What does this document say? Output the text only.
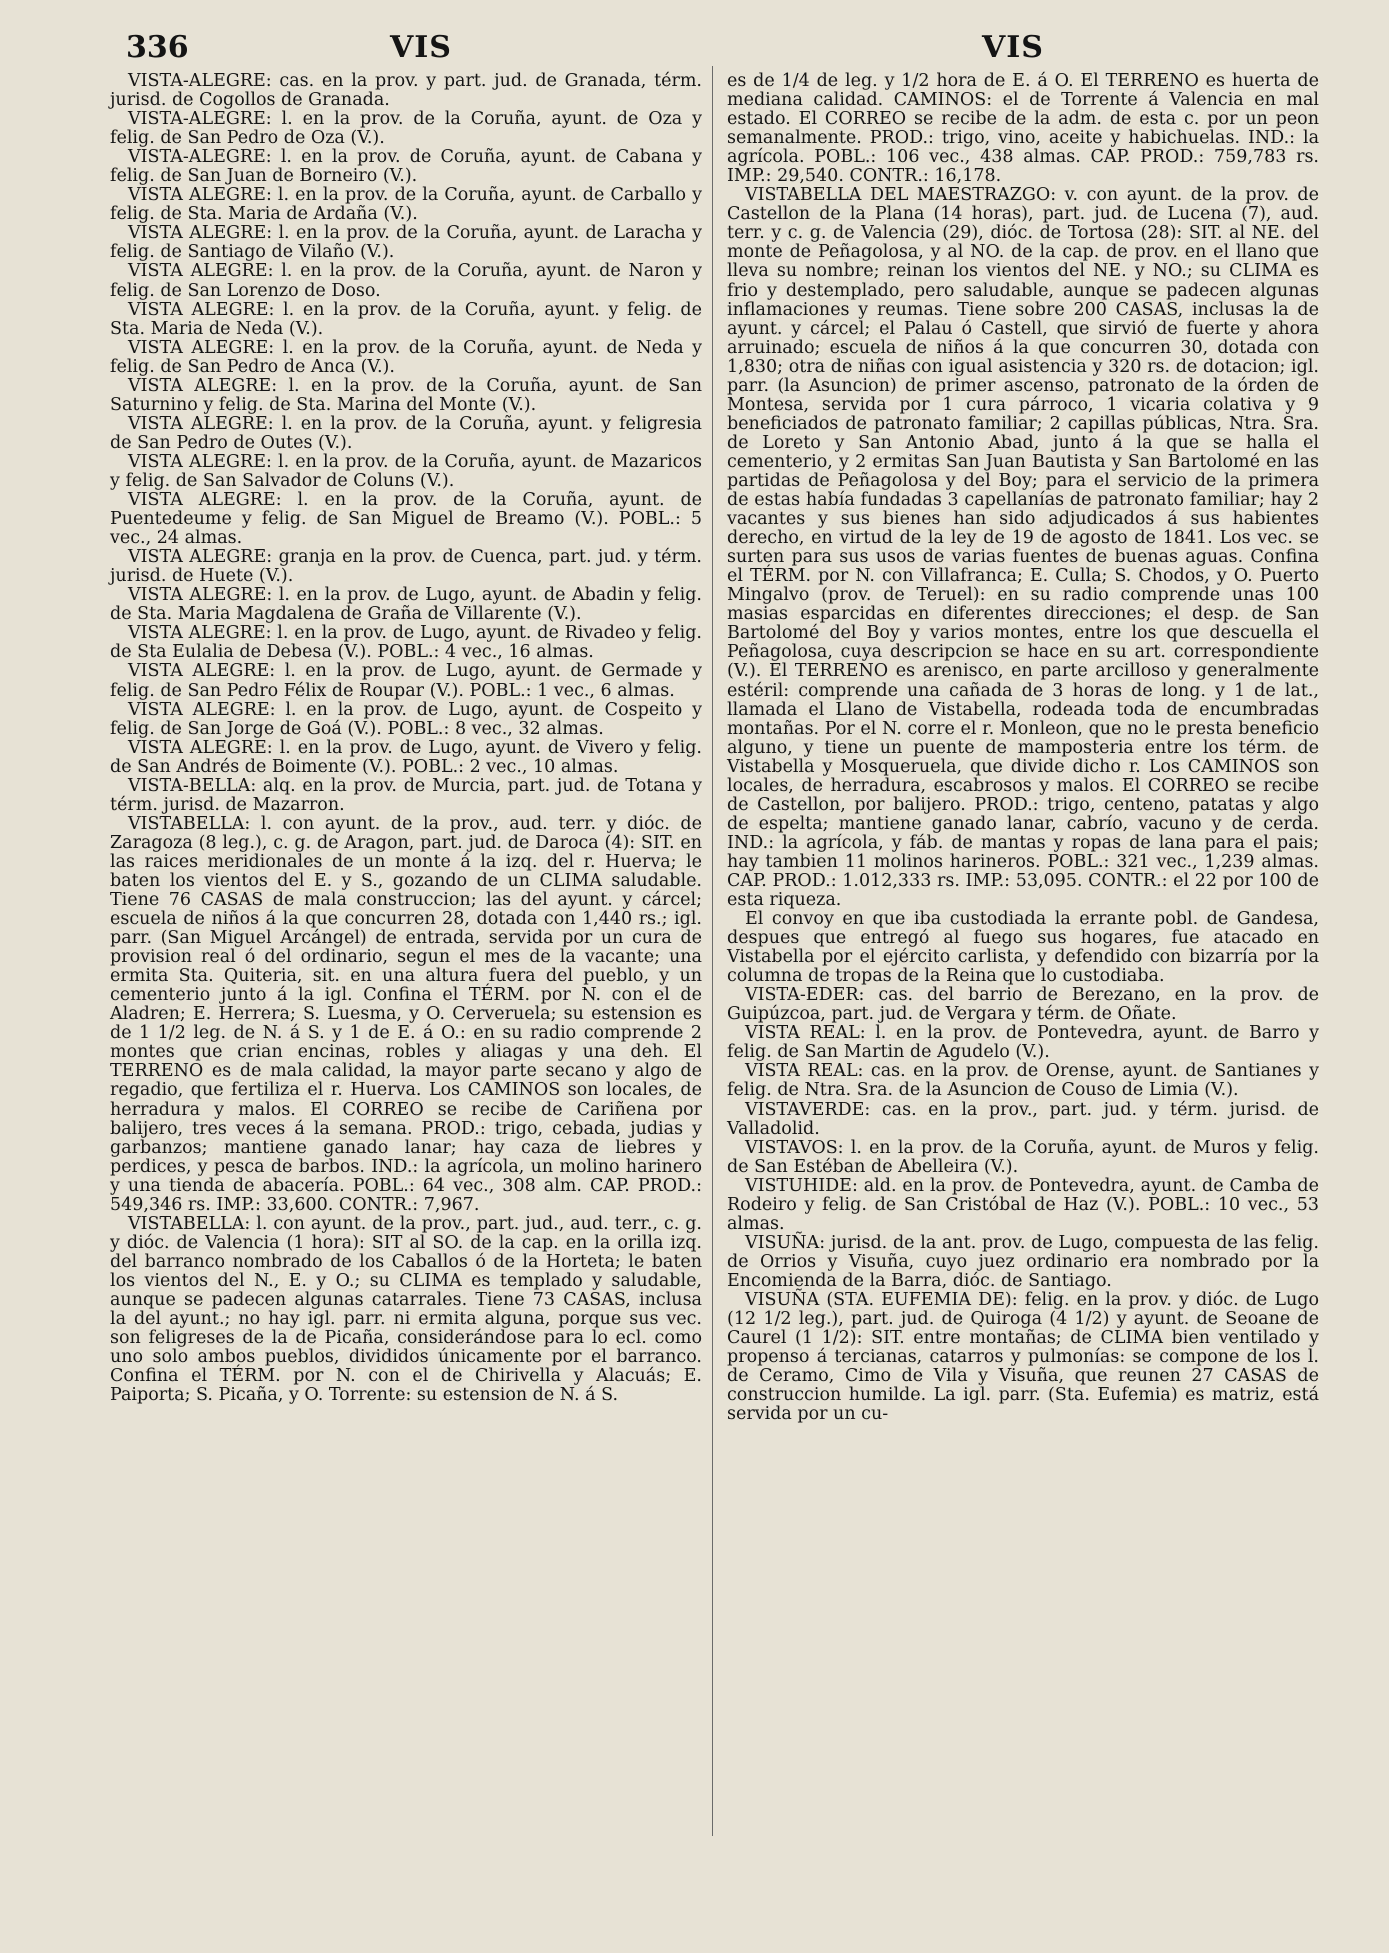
336	VIS	VIS

VISTA-ALEGRE: cas. en la prov. y part. jud. de Granada, térm. jurisd. de Cogollos de Granada.

VISTA-ALEGRE: l. en la prov. de la Coruña, ayunt. de Oza y felig. de San Pedro de Oza (V.).

VISTA-ALEGRE: l. en la prov. de Coruña, ayunt. de Cabana y felig. de San Juan de Borneiro (V.).

VISTA ALEGRE: l. en la prov. de la Coruña, ayunt. de Carballo y felig. de Sta. Maria de Ardaña (V.).

VISTA ALEGRE: l. en la prov. de la Coruña, ayunt. de Laracha y felig. de Santiago de Vilaño (V.).

VISTA ALEGRE: l. en la prov. de la Coruña, ayunt. de Naron y felig. de San Lorenzo de Doso.

VISTA ALEGRE: l. en la prov. de la Coruña, ayunt. y felig. de Sta. Maria de Neda (V.).

VISTA ALEGRE: l. en la prov. de la Coruña, ayunt. de Neda y felig. de San Pedro de Anca (V.).

VISTA ALEGRE: l. en la prov. de la Coruña, ayunt. de San Saturnino y felig. de Sta. Marina del Monte (V.).

VISTA ALEGRE: l. en la prov. de la Coruña, ayunt. y feligresia de San Pedro de Outes (V.).

VISTA ALEGRE: l. en la prov. de la Coruña, ayunt. de Mazaricos y felig. de San Salvador de Coluns (V.).

VISTA ALEGRE: l. en la prov. de la Coruña, ayunt. de Puentedeume y felig. de San Miguel de Breamo (V.). POBL.: 5 vec., 24 almas.

VISTA ALEGRE: granja en la prov. de Cuenca, part. jud. y térm. jurisd. de Huete (V.).

VISTA ALEGRE: l. en la prov. de Lugo, ayunt. de Abadin y felig. de Sta. Maria Magdalena de Graña de Villarente (V.).

VISTA ALEGRE: l. en la prov. de Lugo, ayunt. de Rivadeo y felig. de Sta Eulalia de Debesa (V.). POBL.: 4 vec., 16 almas.

VISTA ALEGRE: l. en la prov. de Lugo, ayunt. de Germade y felig. de San Pedro Félix de Roupar (V.). POBL.: 1 vec., 6 almas.

VISTA ALEGRE: l. en la prov. de Lugo, ayunt. de Cospeito y felig. de San Jorge de Goá (V.). POBL.: 8 vec., 32 almas.

VISTA ALEGRE: l. en la prov. de Lugo, ayunt. de Vivero y felig. de San Andrés de Boimente (V.). POBL.: 2 vec., 10 almas.

VISTA-BELLA: alq. en la prov. de Murcia, part. jud. de Totana y térm. jurisd. de Mazarron.

VISTABELLA: l. con ayunt. de la prov., aud. terr. y dióc. de Zaragoza (8 leg.), c. g. de Aragon, part. jud. de Daroca (4): SIT. en las raices meridionales de un monte á la izq. del r. Huerva; le baten los vientos del E. y S., gozando de un CLIMA saludable. Tiene 76 CASAS de mala construccion; las del ayunt. y cárcel; escuela de niños á la que concurren 28, dotada con 1,440 rs.; igl. parr. (San Miguel Arcángel) de entrada, servida por un cura de provision real ó del ordinario, segun el mes de la vacante; una ermita Sta. Quiteria, sit. en una altura fuera del pueblo, y un cementerio junto á la igl. Confina el TÉRM. por N. con el de Aladren; E. Herrera; S. Luesma, y O. Cerveruela; su estension es de 1 1/2 leg. de N. á S. y 1 de E. á O.: en su radio comprende 2 montes que crian encinas, robles y aliagas y una deh. El TERRENO es de mala calidad, la mayor parte secano y algo de regadio, que fertiliza el r. Huerva. Los CAMINOS son locales, de herradura y malos. El CORREO se recibe de Cariñena por balijero, tres veces á la semana. PROD.: trigo, cebada, judias y garbanzos; mantiene ganado lanar; hay caza de liebres y perdices, y pesca de barbos. IND.: la agrícola, un molino harinero y una tienda de abacería. POBL.: 64 vec., 308 alm. CAP. PROD.: 549,346 rs. IMP.: 33,600. CONTR.: 7,967.

VISTABELLA: l. con ayunt. de la prov., part. jud., aud. terr., c. g. y dióc. de Valencia (1 hora): SIT al SO. de la cap. en la orilla izq. del barranco nombrado de los Caballos ó de la Horteta; le baten los vientos del N., E. y O.; su CLIMA es templado y saludable, aunque se padecen algunas catarrales. Tiene 73 CASAS, inclusa la del ayunt.; no hay igl. parr. ni ermita alguna, porque sus vec. son feligreses de la de Picaña, considerándose para lo ecl. como uno solo ambos pueblos, divididos únicamente por el barranco. Confina el TÉRM. por N. con el de Chirivella y Alacuás; E. Paiporta; S. Picaña, y O. Torrente: su estension de N. á S.

es de 1/4 de leg. y 1/2 hora de E. á O. El TERRENO es huerta de mediana calidad. CAMINOS: el de Torrente á Valencia en mal estado. El CORREO se recibe de la adm. de esta c. por un peon semanalmente. PROD.: trigo, vino, aceite y habichuelas. IND.: la agrícola. POBL.: 106 vec., 438 almas. CAP. PROD.: 759,783 rs. IMP.: 29,540. CONTR.: 16,178.

VISTABELLA DEL MAESTRAZGO: v. con ayunt. de la prov. de Castellon de la Plana (14 horas), part. jud. de Lucena (7), aud. terr. y c. g. de Valencia (29), dióc. de Tortosa (28): SIT. al NE. del monte de Peñagolosa, y al NO. de la cap. de prov. en el llano que lleva su nombre; reinan los vientos del NE. y NO.; su CLIMA es frio y destemplado, pero saludable, aunque se padecen algunas inflamaciones y reumas. Tiene sobre 200 CASAS, inclusas la de ayunt. y cárcel; el Palau ó Castell, que sirvió de fuerte y ahora arruinado; escuela de niños á la que concurren 30, dotada con 1,830; otra de niñas con igual asistencia y 320 rs. de dotacion; igl. parr. (la Asuncion) de primer ascenso, patronato de la órden de Montesa, servida por 1 cura párroco, 1 vicaria colativa y 9 beneficiados de patronato familiar; 2 capillas públicas, Ntra. Sra. de Loreto y San Antonio Abad, junto á la que se halla el cementerio, y 2 ermitas San Juan Bautista y San Bartolomé en las partidas de Peñagolosa y del Boy; para el servicio de la primera de estas había fundadas 3 capellanías de patronato familiar; hay 2 vacantes y sus bienes han sido adjudicados á sus habientes derecho, en virtud de la ley de 19 de agosto de 1841. Los vec. se surten para sus usos de varias fuentes de buenas aguas. Confina el TÉRM. por N. con Villafranca; E. Culla; S. Chodos, y O. Puerto Mingalvo (prov. de Teruel): en su radio comprende unas 100 masias esparcidas en diferentes direcciones; el desp. de San Bartolomé del Boy y varios montes, entre los que descuella el Peñagolosa, cuya descripcion se hace en su art. correspondiente (V.). El TERRENO es arenisco, en parte arcilloso y generalmente estéril: comprende una cañada de 3 horas de long. y 1 de lat., llamada el Llano de Vistabella, rodeada toda de encumbradas montañas. Por el N. corre el r. Monleon, que no le presta beneficio alguno, y tiene un puente de mamposteria entre los térm. de Vistabella y Mosqueruela, que divide dicho r. Los CAMINOS son locales, de herradura, escabrosos y malos. El CORREO se recibe de Castellon, por balijero. PROD.: trigo, centeno, patatas y algo de espelta; mantiene ganado lanar, cabrío, vacuno y de cerda. IND.: la agrícola, y fáb. de mantas y ropas de lana para el pais; hay tambien 11 molinos harineros. POBL.: 321 vec., 1,239 almas. CAP. PROD.: 1.012,333 rs. IMP.: 53,095. CONTR.: el 22 por 100 de esta riqueza.

El convoy en que iba custodiada la errante pobl. de Gandesa, despues que entregó al fuego sus hogares, fue atacado en Vistabella por el ejército carlista, y defendido con bizarría por la columna de tropas de la Reina que lo custodiaba.

VISTA-EDER: cas. del barrio de Berezano, en la prov. de Guipúzcoa, part. jud. de Vergara y térm. de Oñate.

VISTA REAL: l. en la prov. de Pontevedra, ayunt. de Barro y felig. de San Martin de Agudelo (V.).

VISTA REAL: cas. en la prov. de Orense, ayunt. de Santianes y felig. de Ntra. Sra. de la Asuncion de Couso de Limia (V.).

VISTAVERDE: cas. en la prov., part. jud. y térm. jurisd. de Valladolid.

VISTAVOS: l. en la prov. de la Coruña, ayunt. de Muros y felig. de San Estéban de Abelleira (V.).

VISTUHIDE: ald. en la prov. de Pontevedra, ayunt. de Camba de Rodeiro y felig. de San Cristóbal de Haz (V.). POBL.: 10 vec., 53 almas.

VISUÑA: jurisd. de la ant. prov. de Lugo, compuesta de las felig. de Orrios y Visuña, cuyo juez ordinario era nombrado por la Encomienda de la Barra, dióc. de Santiago.

VISUÑA (STA. EUFEMIA DE): felig. en la prov. y dióc. de Lugo (12 1/2 leg.), part. jud. de Quiroga (4 1/2) y ayunt. de Seoane de Caurel (1 1/2): SIT. entre montañas; de CLIMA bien ventilado y propenso á tercianas, catarros y pulmonías: se compone de los l. de Ceramo, Cimo de Vila y Visuña, que reunen 27 CASAS de construccion humilde. La igl. parr. (Sta. Eufemia) es matriz, está servida por un cu-
